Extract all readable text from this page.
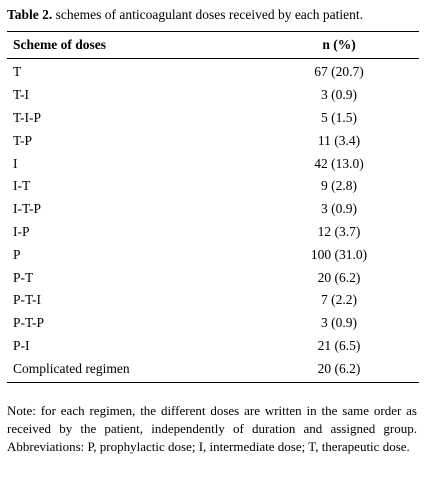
Table 2. schemes of anticoagulant doses received by each patient.
Scheme of doses	n (%)
T	67 (20.7)
T-I	3 (0.9)
T-I-P	5 (1.5)
T-P	11 (3.4)
I	42 (13.0)
I-T	9 (2.8)
I-T-P	3 (0.9)
I-P	12 (3.7)
P	100 (31.0)
P-T	20 (6.2)
P-T-I	7 (2.2)
P-T-P	3 (0.9)
P-I	21 (6.5)
Complicated regimen	20 (6.2)
Note: for each regimen, the different doses are written in the same order as received by the patient, independently of duration and assigned group. Abbreviations: P, prophylactic dose; I, intermediate dose; T, therapeutic dose.
